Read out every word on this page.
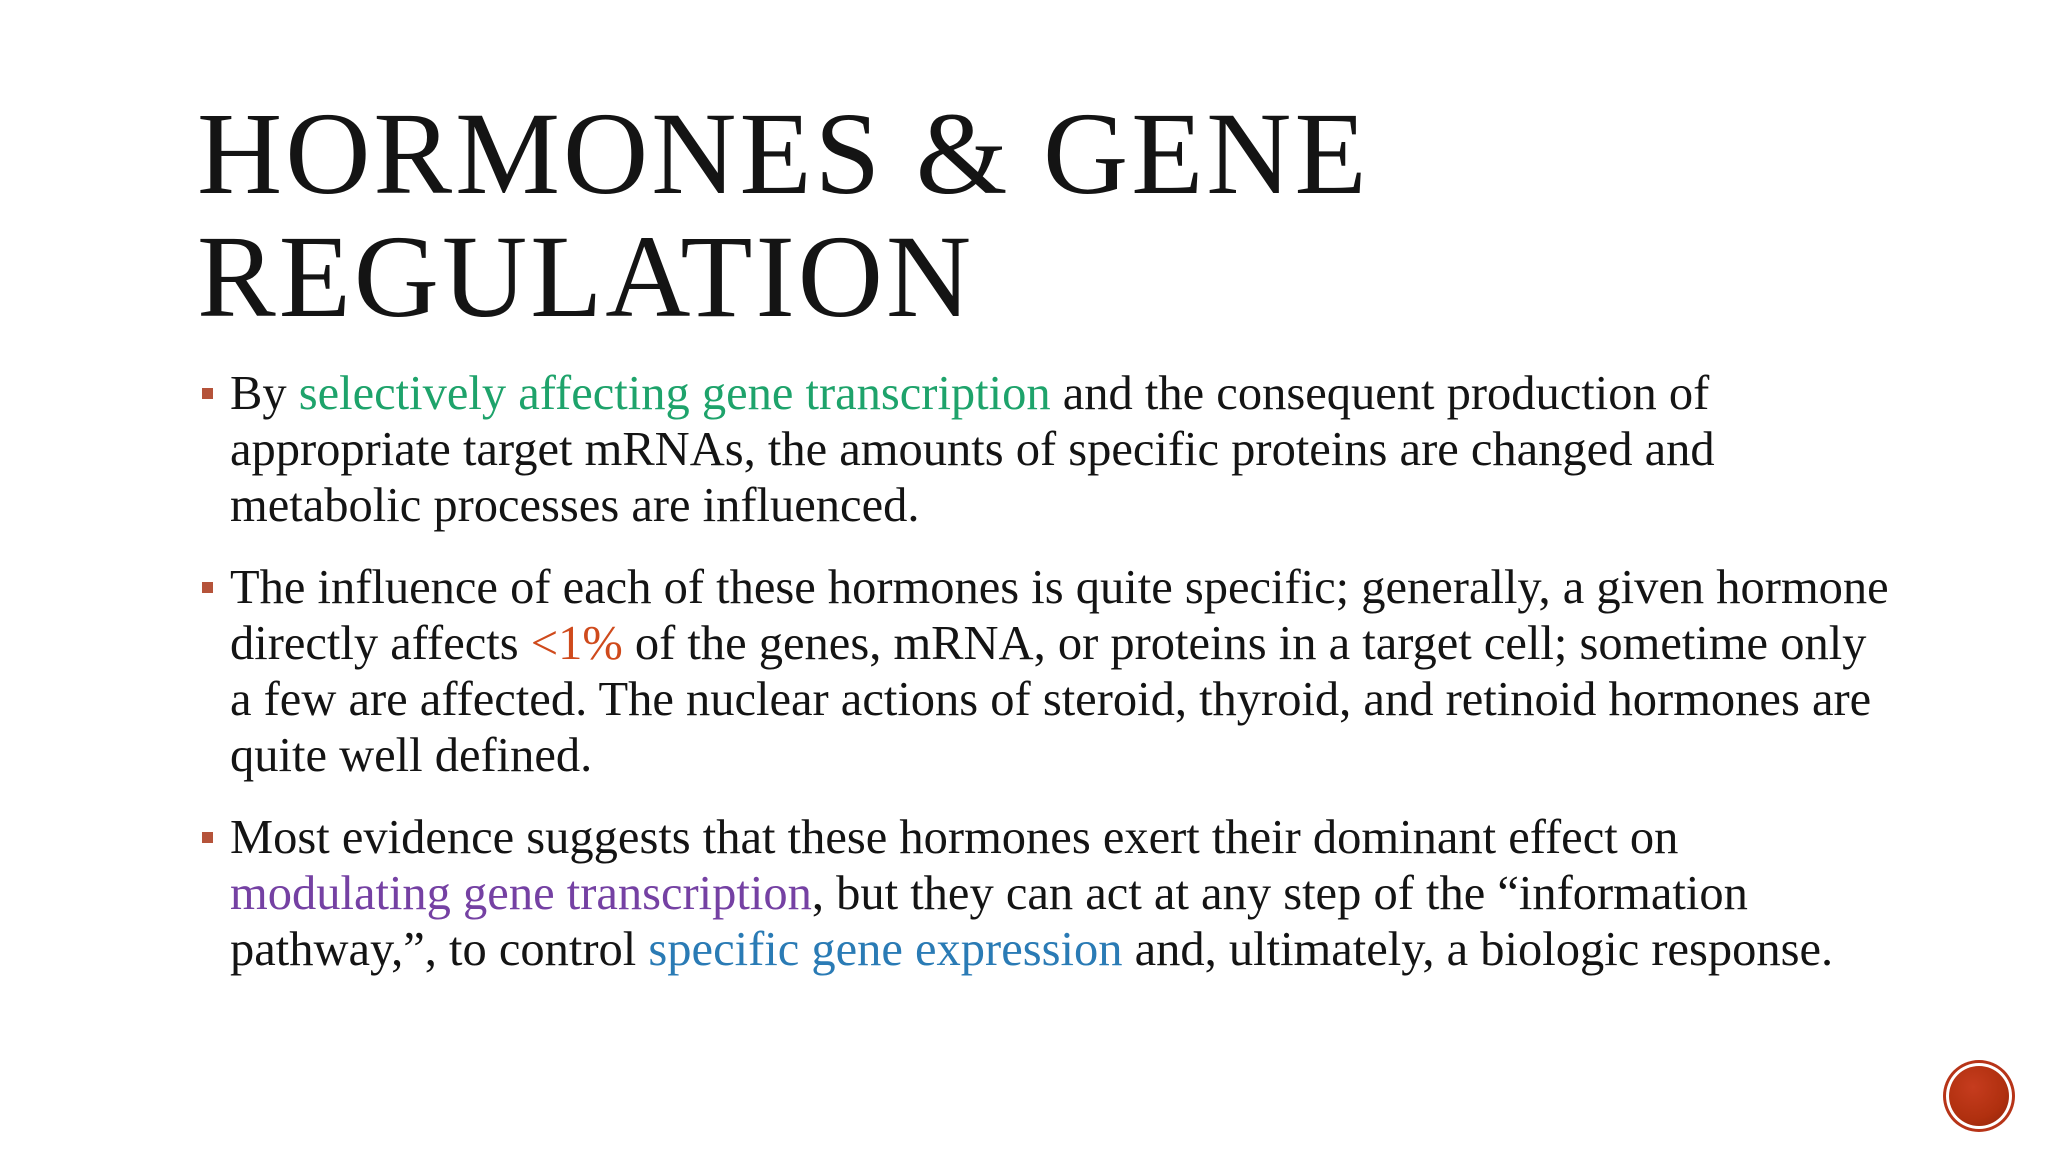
HORMONES & GENE REGULATION
By selectively affecting gene transcription and the consequent production of appropriate target mRNAs, the amounts of specific proteins are changed and metabolic processes are influenced.
The influence of each of these hormones is quite specific; generally, a given hormone directly affects <1% of the genes, mRNA, or proteins in a target cell; sometime only a few are affected. The nuclear actions of steroid, thyroid, and retinoid hormones are quite well defined.
Most evidence suggests that these hormones exert their dominant effect on modulating gene transcription, but they can act at any step of the “information pathway,”, to control specific gene expression and, ultimately, a biologic response.
